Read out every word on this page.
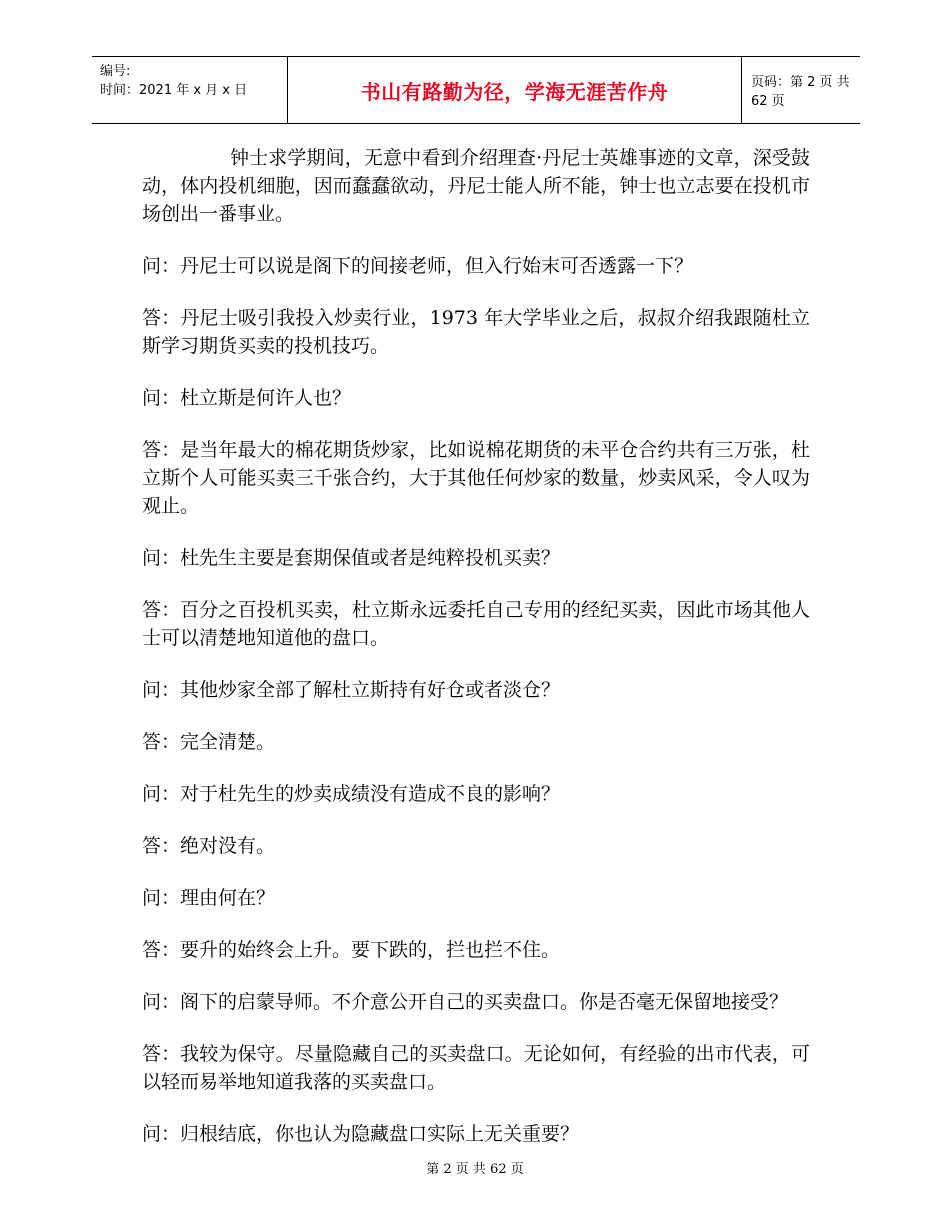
编号:
时间：2021 年 x 月 x 日	书山有路勤为径，学海无涯苦作舟	页码：第 2 页 共 62 页

钟士求学期间，无意中看到介绍理查·丹尼士英雄事迹的文章，深受鼓动，体内投机细胞，因而蠢蠢欲动，丹尼士能人所不能，钟士也立志要在投机市场创出一番事业。

问：丹尼士可以说是阁下的间接老师，但入行始末可否透露一下？

答：丹尼士吸引我投入炒卖行业，1973 年大学毕业之后，叔叔介绍我跟随杜立斯学习期货买卖的投机技巧。

问：杜立斯是何许人也？

答：是当年最大的棉花期货炒家，比如说棉花期货的未平仓合约共有三万张，杜立斯个人可能买卖三千张合约，大于其他任何炒家的数量，炒卖风采，令人叹为观止。

问：杜先生主要是套期保值或者是纯粹投机买卖？

答：百分之百投机买卖，杜立斯永远委托自己专用的经纪买卖，因此市场其他人士可以清楚地知道他的盘口。

问：其他炒家全部了解杜立斯持有好仓或者淡仓？

答：完全清楚。

问：对于杜先生的炒卖成绩没有造成不良的影响？

答：绝对没有。

问：理由何在？

答：要升的始终会上升。要下跌的，拦也拦不住。

问：阁下的启蒙导师。不介意公开自己的买卖盘口。你是否毫无保留地接受？

答：我较为保守。尽量隐藏自己的买卖盘口。无论如何，有经验的出市代表，可以轻而易举地知道我落的买卖盘口。

问：归根结底，你也认为隐藏盘口实际上无关重要？

第 2 页 共 62 页
